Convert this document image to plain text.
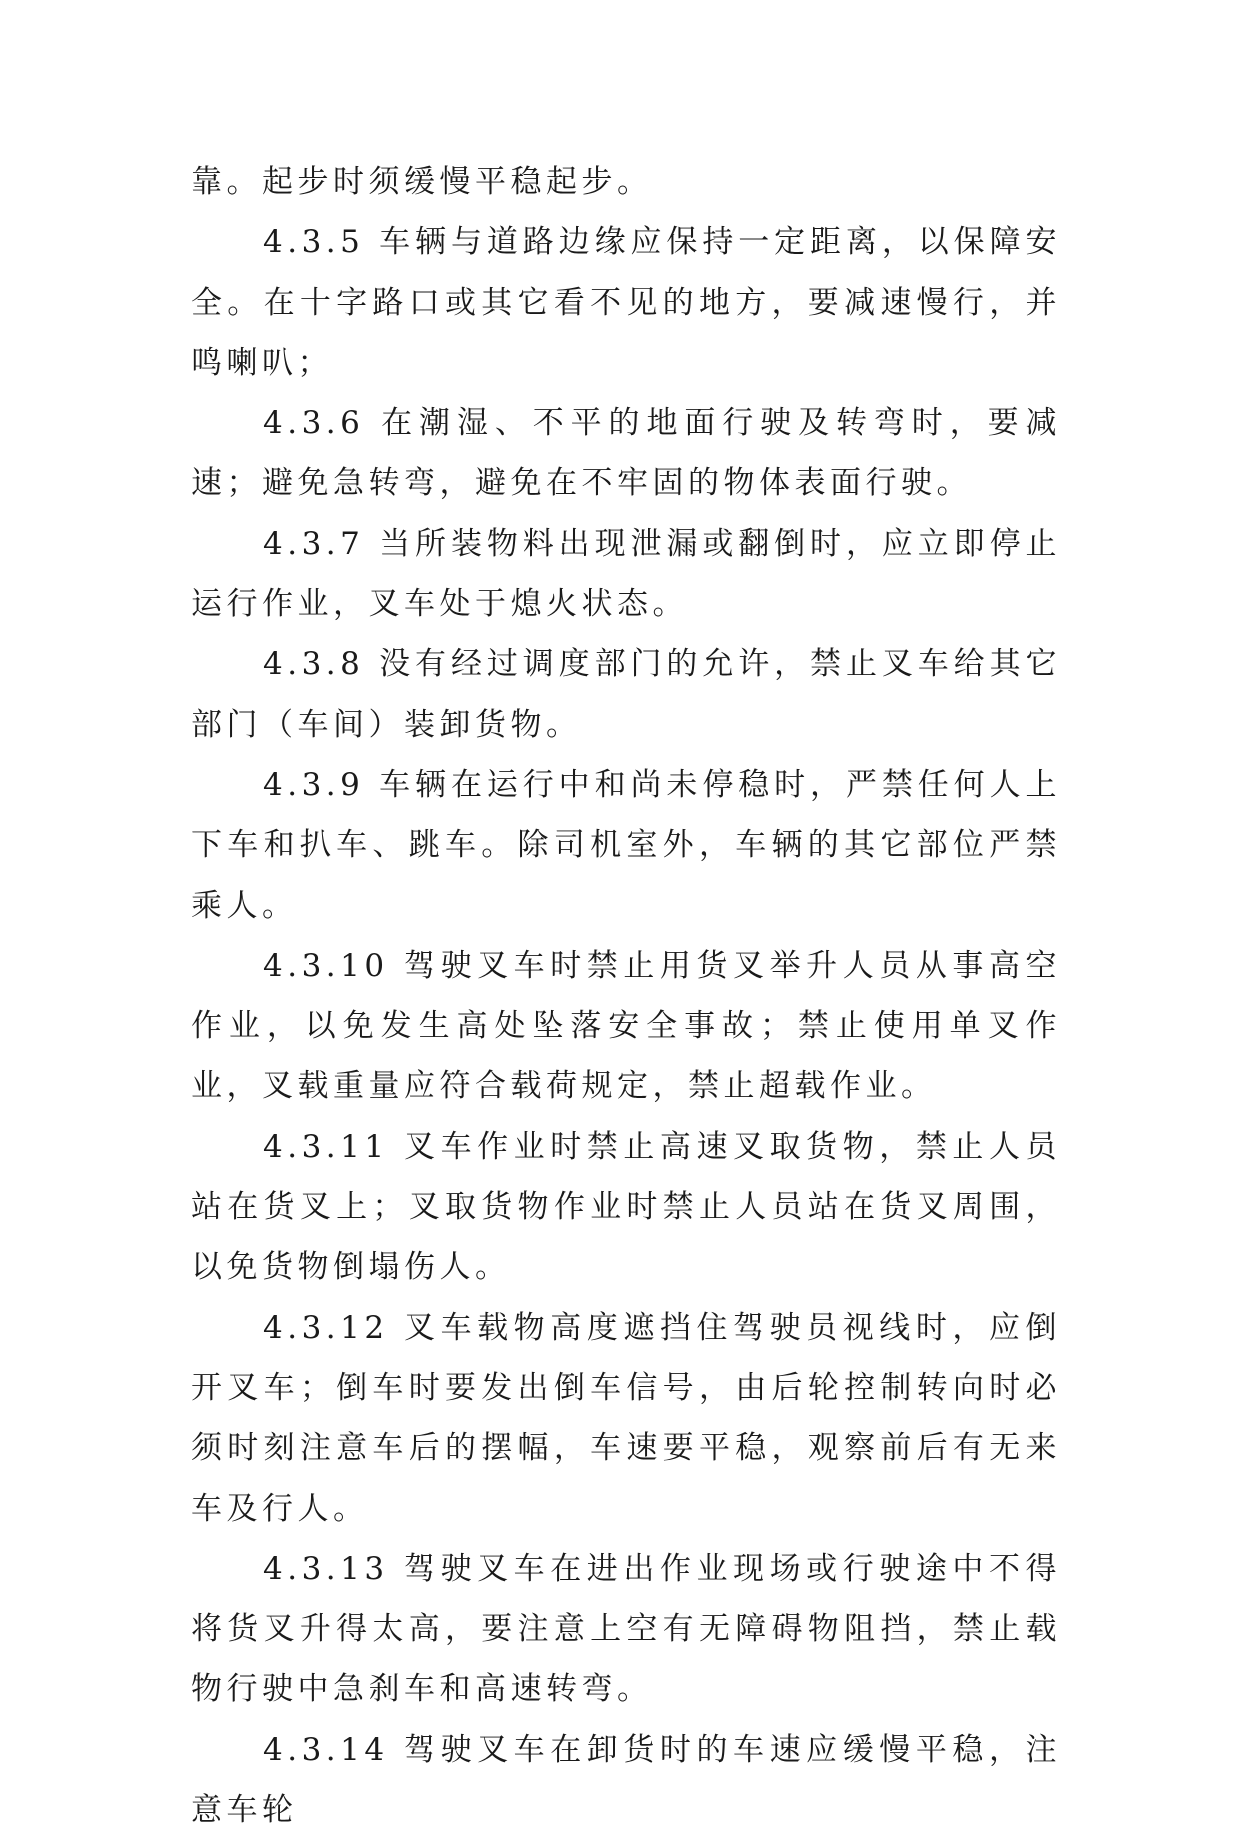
靠。起步时须缓慢平稳起步。

4.3.5 车辆与道路边缘应保持一定距离，以保障安全。在十字路口或其它看不见的地方，要减速慢行，并鸣喇叭；

4.3.6 在潮湿、不平的地面行驶及转弯时，要减速；避免急转弯，避免在不牢固的物体表面行驶。

4.3.7 当所装物料出现泄漏或翻倒时，应立即停止运行作业，叉车处于熄火状态。

4.3.8 没有经过调度部门的允许，禁止叉车给其它部门（车间）装卸货物。

4.3.9 车辆在运行中和尚未停稳时，严禁任何人上下车和扒车、跳车。除司机室外，车辆的其它部位严禁乘人。

4.3.10 驾驶叉车时禁止用货叉举升人员从事高空作业，以免发生高处坠落安全事故；禁止使用单叉作业，叉载重量应符合载荷规定，禁止超载作业。

4.3.11 叉车作业时禁止高速叉取货物，禁止人员站在货叉上；叉取货物作业时禁止人员站在货叉周围，以免货物倒塌伤人。

4.3.12 叉车载物高度遮挡住驾驶员视线时，应倒开叉车；倒车时要发出倒车信号，由后轮控制转向时必须时刻注意车后的摆幅，车速要平稳，观察前后有无来车及行人。

4.3.13 驾驶叉车在进出作业现场或行驶途中不得将货叉升得太高，要注意上空有无障碍物阻挡，禁止载物行驶中急刹车和高速转弯。

4.3.14 驾驶叉车在卸货时的车速应缓慢平稳，注意车轮
